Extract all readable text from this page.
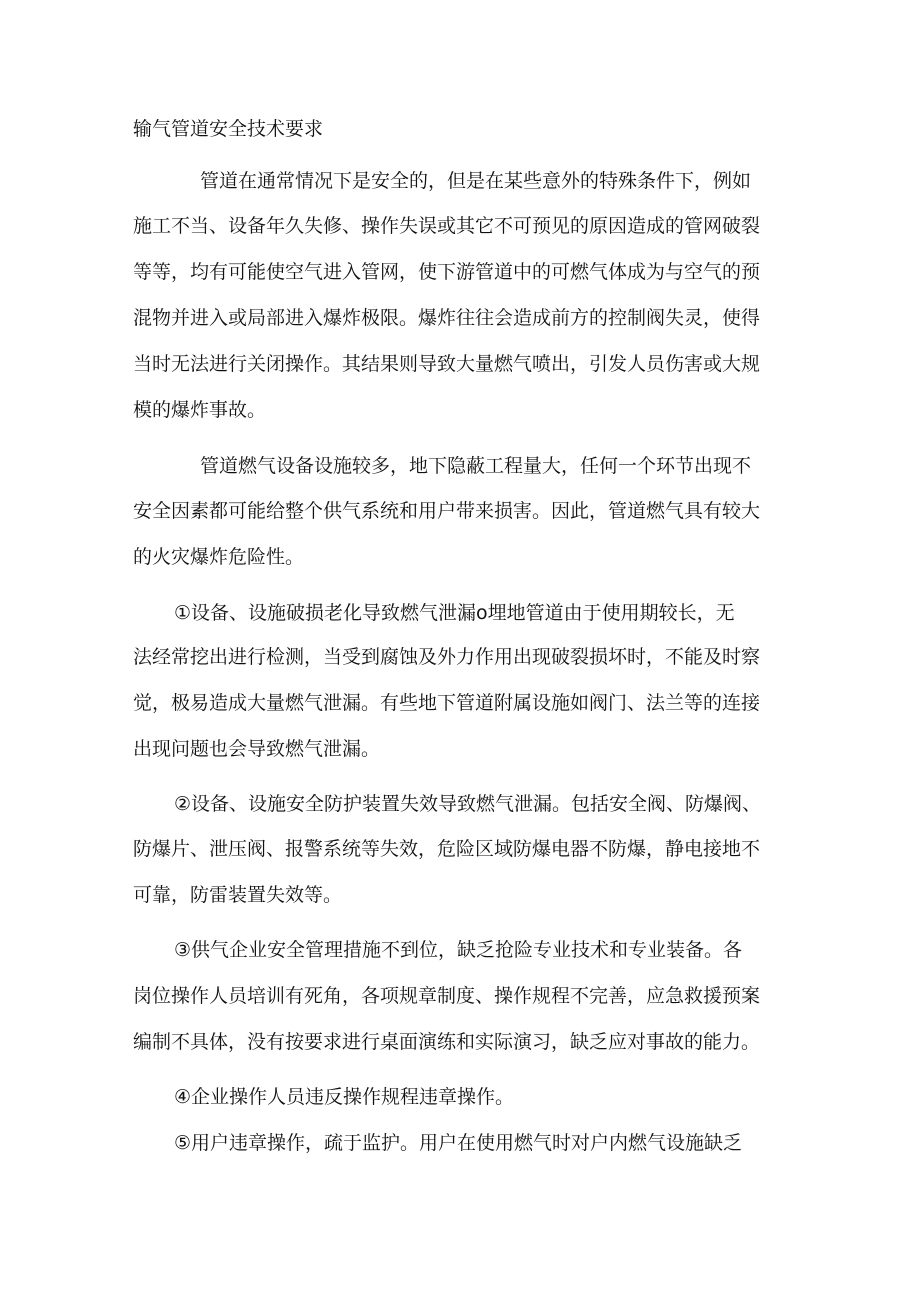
输气管道安全技术要求
管道在通常情况下是安全的，但是在某些意外的特殊条件下，例如
施工不当、设备年久失修、操作失误或其它不可预见的原因造成的管网破裂
等等，均有可能使空气进入管网，使下游管道中的可燃气体成为与空气的预
混物并进入或局部进入爆炸极限。爆炸往往会造成前方的控制阀失灵，使得
当时无法进行关闭操作。其结果则导致大量燃气喷出，引发人员伤害或大规
模的爆炸事故。
管道燃气设备设施较多，地下隐蔽工程量大，任何一个环节出现不
安全因素都可能给整个供气系统和用户带来损害。因此，管道燃气具有较大
的火灾爆炸危险性。
①设备、设施破损老化导致燃气泄漏o埋地管道由于使用期较长，无
法经常挖出进行检测，当受到腐蚀及外力作用出现破裂损坏时，不能及时察
觉，极易造成大量燃气泄漏。有些地下管道附属设施如阀门、法兰等的连接
出现问题也会导致燃气泄漏。
②设备、设施安全防护装置失效导致燃气泄漏。包括安全阀、防爆阀、
防爆片、泄压阀、报警系统等失效，危险区域防爆电器不防爆，静电接地不
可靠，防雷装置失效等。
③供气企业安全管理措施不到位，缺乏抢险专业技术和专业装备。各
岗位操作人员培训有死角，各项规章制度、操作规程不完善，应急救援预案
编制不具体，没有按要求进行桌面演练和实际演习，缺乏应对事故的能力。
④企业操作人员违反操作规程违章操作。
⑤用户违章操作，疏于监护。用户在使用燃气时对户内燃气设施缺乏
